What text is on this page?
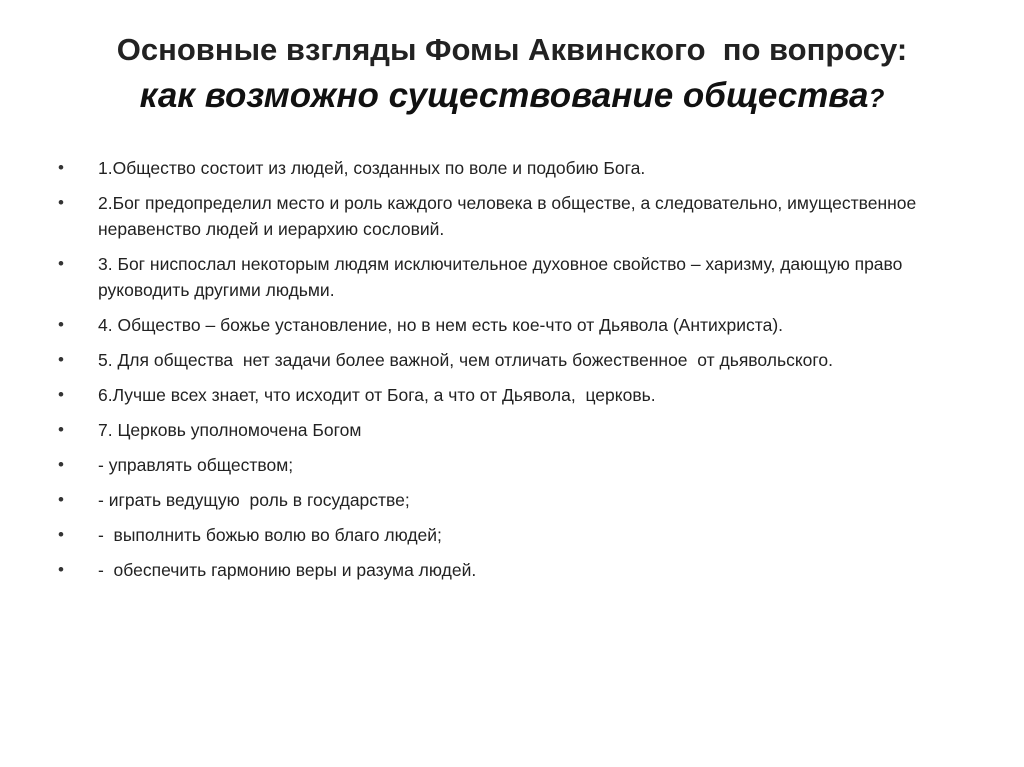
Основные взгляды Фомы Аквинского  по вопросу:
как возможно существование общества?
•	1.Общество состоит из людей, созданных по воле и подобию Бога.
•	2.Бог предопределил место и роль каждого человека в обществе, а следовательно, имущественное неравенство людей и иерархию сословий.
•	3. Бог ниспослал некоторым людям исключительное духовное свойство – харизму, дающую право руководить другими людьми.
•	4. Общество – божье установление, но в нем есть кое-что от Дьявола (Антихриста).
•	5. Для общества  нет задачи более важной, чем отличать божественное  от дьявольского.
•	6.Лучше всех знает, что исходит от Бога, а что от Дьявола,  церковь.
•	7. Церковь уполномочена Богом
•	- управлять обществом;
•	- играть ведущую  роль в государстве;
•	-  выполнить божью волю во благо людей;
•	-  обеспечить гармонию веры и разума людей.
